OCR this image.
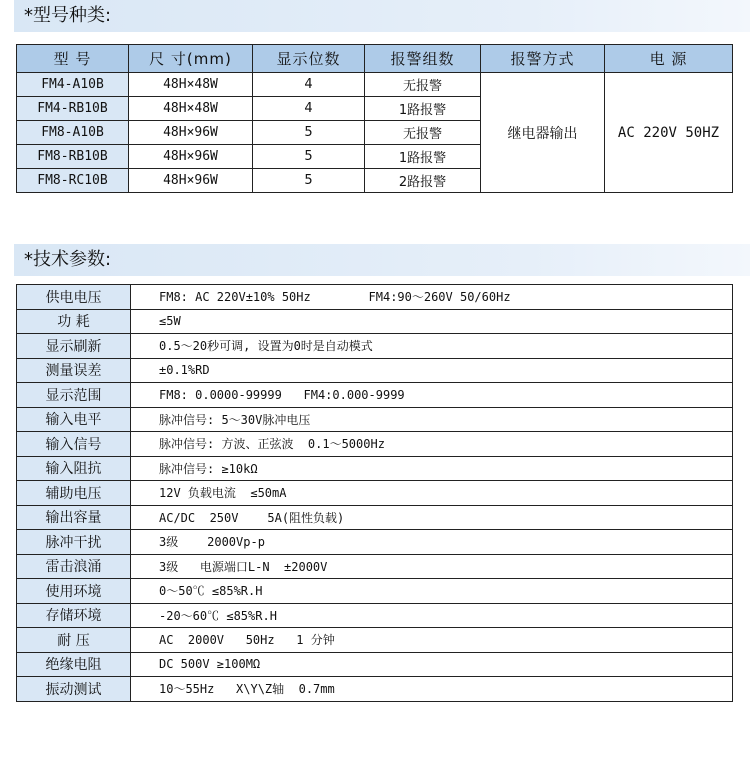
*型号种类:
型 号	尺 寸(mm)	显示位数	报警组数	报警方式	电 源
FM4-A10B	48H×48W	4	无报警	继电器输出	AC 220V 50HZ
FM4-RB10B	48H×48W	4	1路报警		
FM8-A10B	48H×96W	5	无报警		
FM8-RB10B	48H×96W	5	1路报警		
FM8-RC10B	48H×96W	5	2路报警		
*技术参数:
供电电压	FM8: AC 220V±10% 50Hz        FM4:90～260V 50/60Hz
功 耗	≤5W
显示刷新	0.5～20秒可调, 设置为0时是自动模式
测量误差	±0.1%RD
显示范围	FM8: 0.0000-99999   FM4:0.000-9999
输入电平	脉冲信号: 5～30V脉冲电压
输入信号	脉冲信号: 方波、正弦波  0.1～5000Hz
输入阻抗	脉冲信号: ≥10kΩ
辅助电压	12V 负载电流  ≤50mA
输出容量	AC/DC  250V    5A(阻性负载)
脉冲干扰	3级    2000Vp-p
雷击浪涌	3级   电源端口L-N  ±2000V
使用环境	0～50℃ ≤85%R.H
存储环境	-20～60℃ ≤85%R.H
耐 压	AC  2000V   50Hz   1 分钟
绝缘电阻	DC 500V ≥100MΩ
振动测试	10～55Hz   X\Y\Z轴  0.7mm
